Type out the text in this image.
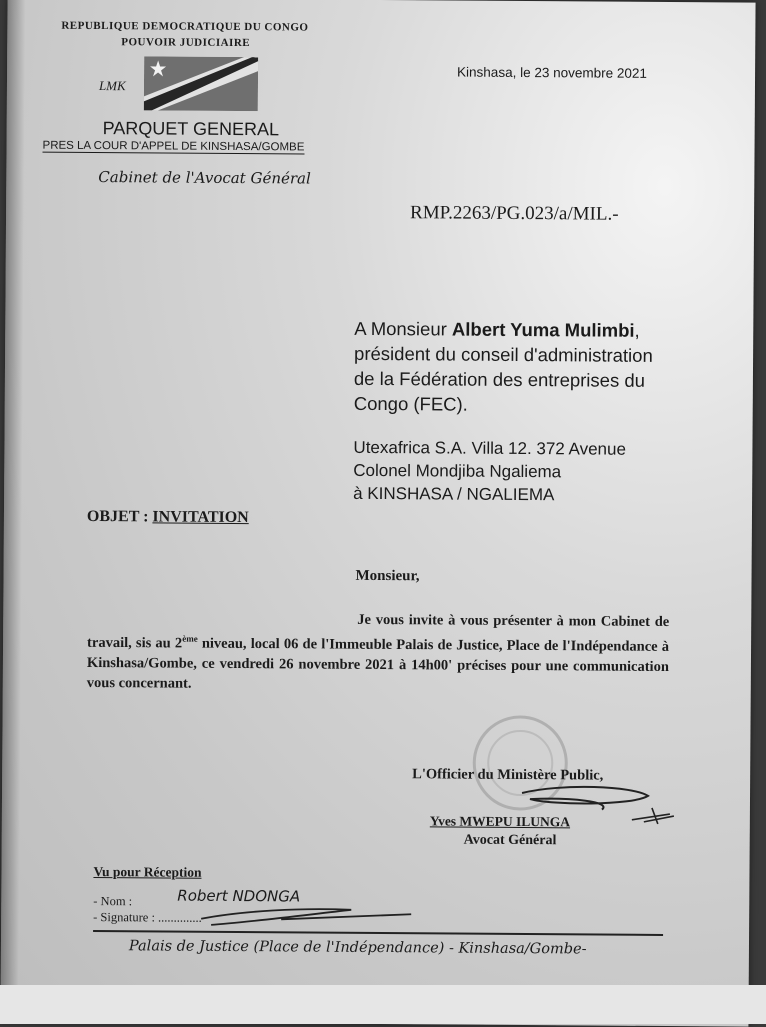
REPUBLIQUE DEMOCRATIQUE DU CONGO
POUVOIR JUDICIAIRE
LMK
PARQUET GENERAL
PRES LA COUR D'APPEL DE KINSHASA/GOMBE
Cabinet de l'Avocat Général
Kinshasa, le 23 novembre 2021
RMP.2263/PG.023/a/MIL.-
A Monsieur Albert Yuma Mulimbi,
président du conseil d'administration
de la Fédération des entreprises du
Congo (FEC).
Utexafrica S.A. Villa 12. 372 Avenue
Colonel Mondjiba Ngaliema
à KINSHASA / NGALIEMA
OBJET : INVITATION
Monsieur,
Je vous invite à vous présenter à mon Cabinet de travail, sis au 2ème niveau, local 06 de l'Immeuble Palais de Justice, Place de l'Indépendance à Kinshasa/Gombe, ce vendredi 26 novembre 2021 à 14h00' précises pour une communication vous concernant.
L'Officier du Ministère Public,
Yves MWEPU ILUNGA
Avocat Général
Vu pour Réception
- Nom :	Robert NDONGA
- Signature : ..............
Palais de Justice (Place de l'Indépendance) - Kinshasa/Gombe-
